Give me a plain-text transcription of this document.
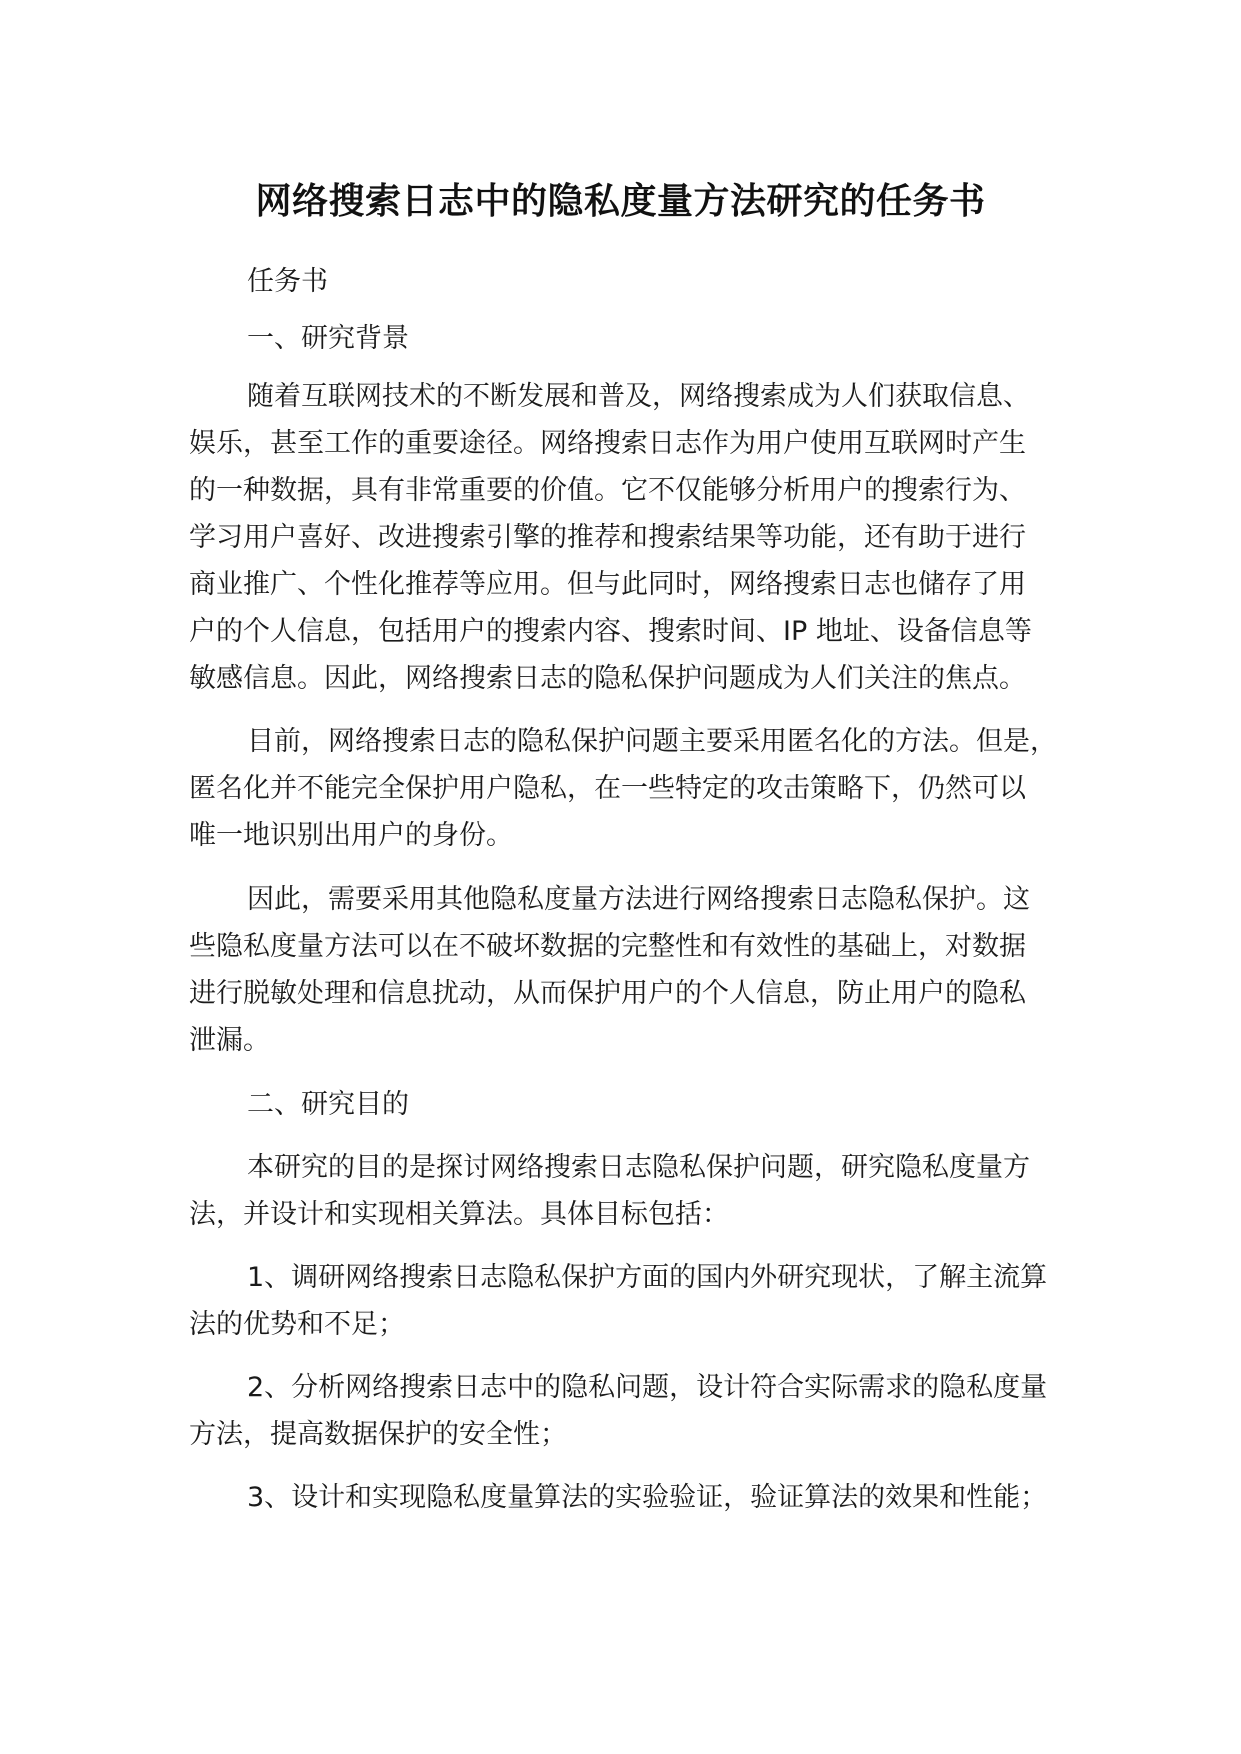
网络搜索日志中的隐私度量方法研究的任务书
任务书
一、研究背景
随着互联网技术的不断发展和普及，网络搜索成为人们获取信息、
娱乐，甚至工作的重要途径。网络搜索日志作为用户使用互联网时产生
的一种数据，具有非常重要的价值。它不仅能够分析用户的搜索行为、
学习用户喜好、改进搜索引擎的推荐和搜索结果等功能，还有助于进行
商业推广、个性化推荐等应用。但与此同时，网络搜索日志也储存了用
户的个人信息，包括用户的搜索内容、搜索时间、IP 地址、设备信息等
敏感信息。因此，网络搜索日志的隐私保护问题成为人们关注的焦点。
目前，网络搜索日志的隐私保护问题主要采用匿名化的方法。但是，
匿名化并不能完全保护用户隐私，在一些特定的攻击策略下，仍然可以
唯一地识别出用户的身份。
因此，需要采用其他隐私度量方法进行网络搜索日志隐私保护。这
些隐私度量方法可以在不破坏数据的完整性和有效性的基础上，对数据
进行脱敏处理和信息扰动，从而保护用户的个人信息，防止用户的隐私
泄漏。
二、研究目的
本研究的目的是探讨网络搜索日志隐私保护问题，研究隐私度量方
法，并设计和实现相关算法。具体目标包括：
1、调研网络搜索日志隐私保护方面的国内外研究现状，了解主流算
法的优势和不足；
2、分析网络搜索日志中的隐私问题，设计符合实际需求的隐私度量
方法，提高数据保护的安全性；
3、设计和实现隐私度量算法的实验验证，验证算法的效果和性能；
